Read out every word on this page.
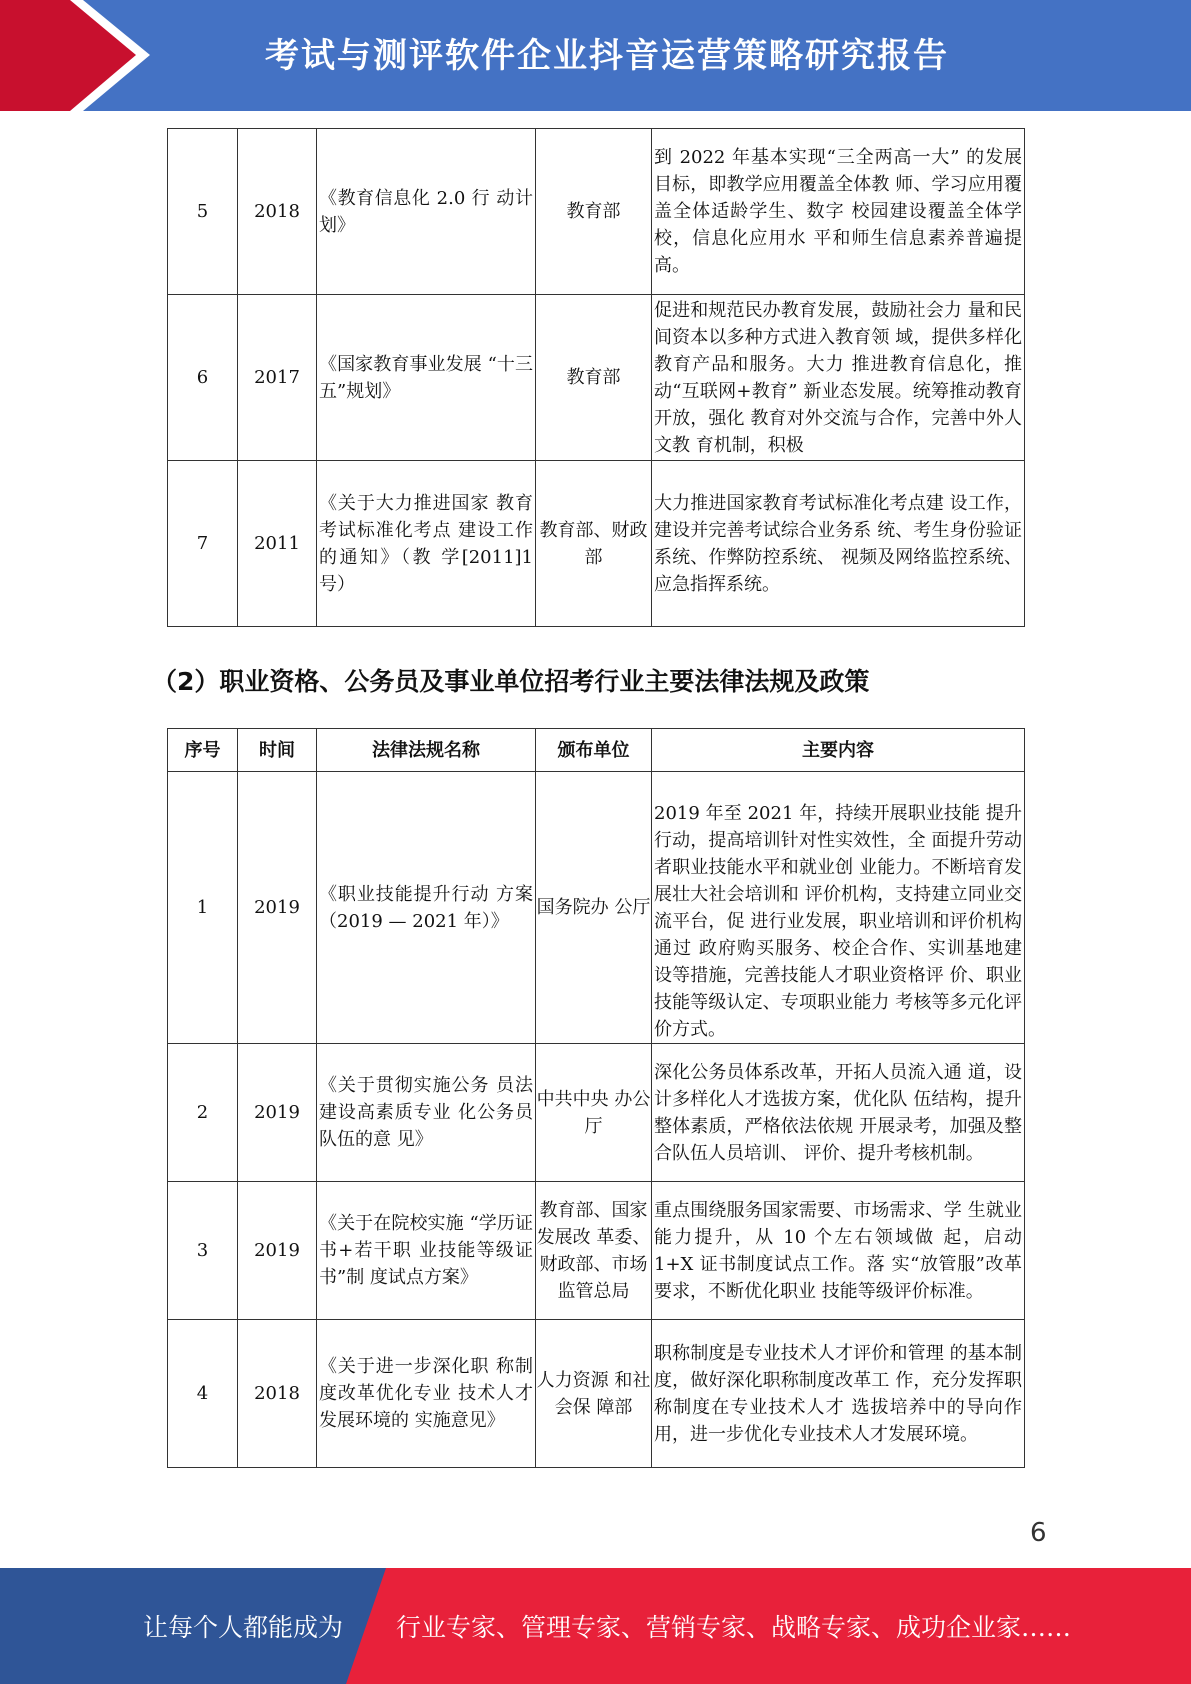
考试与测评软件企业抖音运营策略研究报告
5	2018	《教育信息化 2.0 行 动计划》	教育部	到 2022 年基本实现“三全两高一大” 的发展目标，即教学应用覆盖全体教 师、学习应用覆盖全体适龄学生、数字 校园建设覆盖全体学校，信息化应用水 平和师生信息素养普遍提高。
6	2017	《国家教育事业发展 “十三五”规划》	教育部	促进和规范民办教育发展，鼓励社会力 量和民间资本以多种方式进入教育领 域，提供多样化教育产品和服务。大力 推进教育信息化，推动“互联网+教育” 新业态发展。统筹推动教育开放，强化 教育对外交流与合作，完善中外人文教 育机制，积极
7	2011	《关于大力推进国家 教育考试标准化考点 建设工作的通知》（教 学[2011]1 号）	教育部、财政部	大力推进国家教育考试标准化考点建 设工作，建设并完善考试综合业务系 统、考生身份验证系统、作弊防控系统、 视频及网络监控系统、应急指挥系统。
（2）职业资格、公务员及事业单位招考行业主要法律法规及政策
序号	时间	法律法规名称	颁布单位	主要内容
1	2019	《职业技能提升行动 方案（2019 — 2021 年）》	国务院办 公厅	2019 年至 2021 年，持续开展职业技能 提升行动，提高培训针对性实效性，全 面提升劳动者职业技能水平和就业创 业能力。不断培育发展壮大社会培训和 评价机构，支持建立同业交流平台，促 进行业发展，职业培训和评价机构通过 政府购买服务、校企合作、实训基地建 设等措施，完善技能人才职业资格评 价、职业技能等级认定、专项职业能力 考核等多元化评价方式。
2	2019	《关于贯彻实施公务 员法建设高素质专业 化公务员队伍的意 见》	中共中央 办公厅	深化公务员体系改革，开拓人员流入通 道，设计多样化人才选拔方案，优化队 伍结构，提升整体素质，严格依法依规 开展录考，加强及整合队伍人员培训、 评价、提升考核机制。
3	2019	《关于在院校实施 “学历证书+若干职 业技能等级证书”制 度试点方案》	教育部、国家发展改 革委、财政部、市场监管总局	重点围绕服务国家需要、市场需求、学 生就业能力提升，从 10 个左右领域做 起，启动 1+X 证书制度试点工作。落 实“放管服”改革要求，不断优化职业 技能等级评价标准。
4	2018	《关于进一步深化职 称制度改革优化专业 技术人才发展环境的 实施意见》	人力资源 和社会保 障部	职称制度是专业技术人才评价和管理 的基本制度，做好深化职称制度改革工 作，充分发挥职称制度在专业技术人才 选拔培养中的导向作用，进一步优化专业技术人才发展环境。
6
让每个人都能成为 行业专家、管理专家、营销专家、战略专家、成功企业家……
